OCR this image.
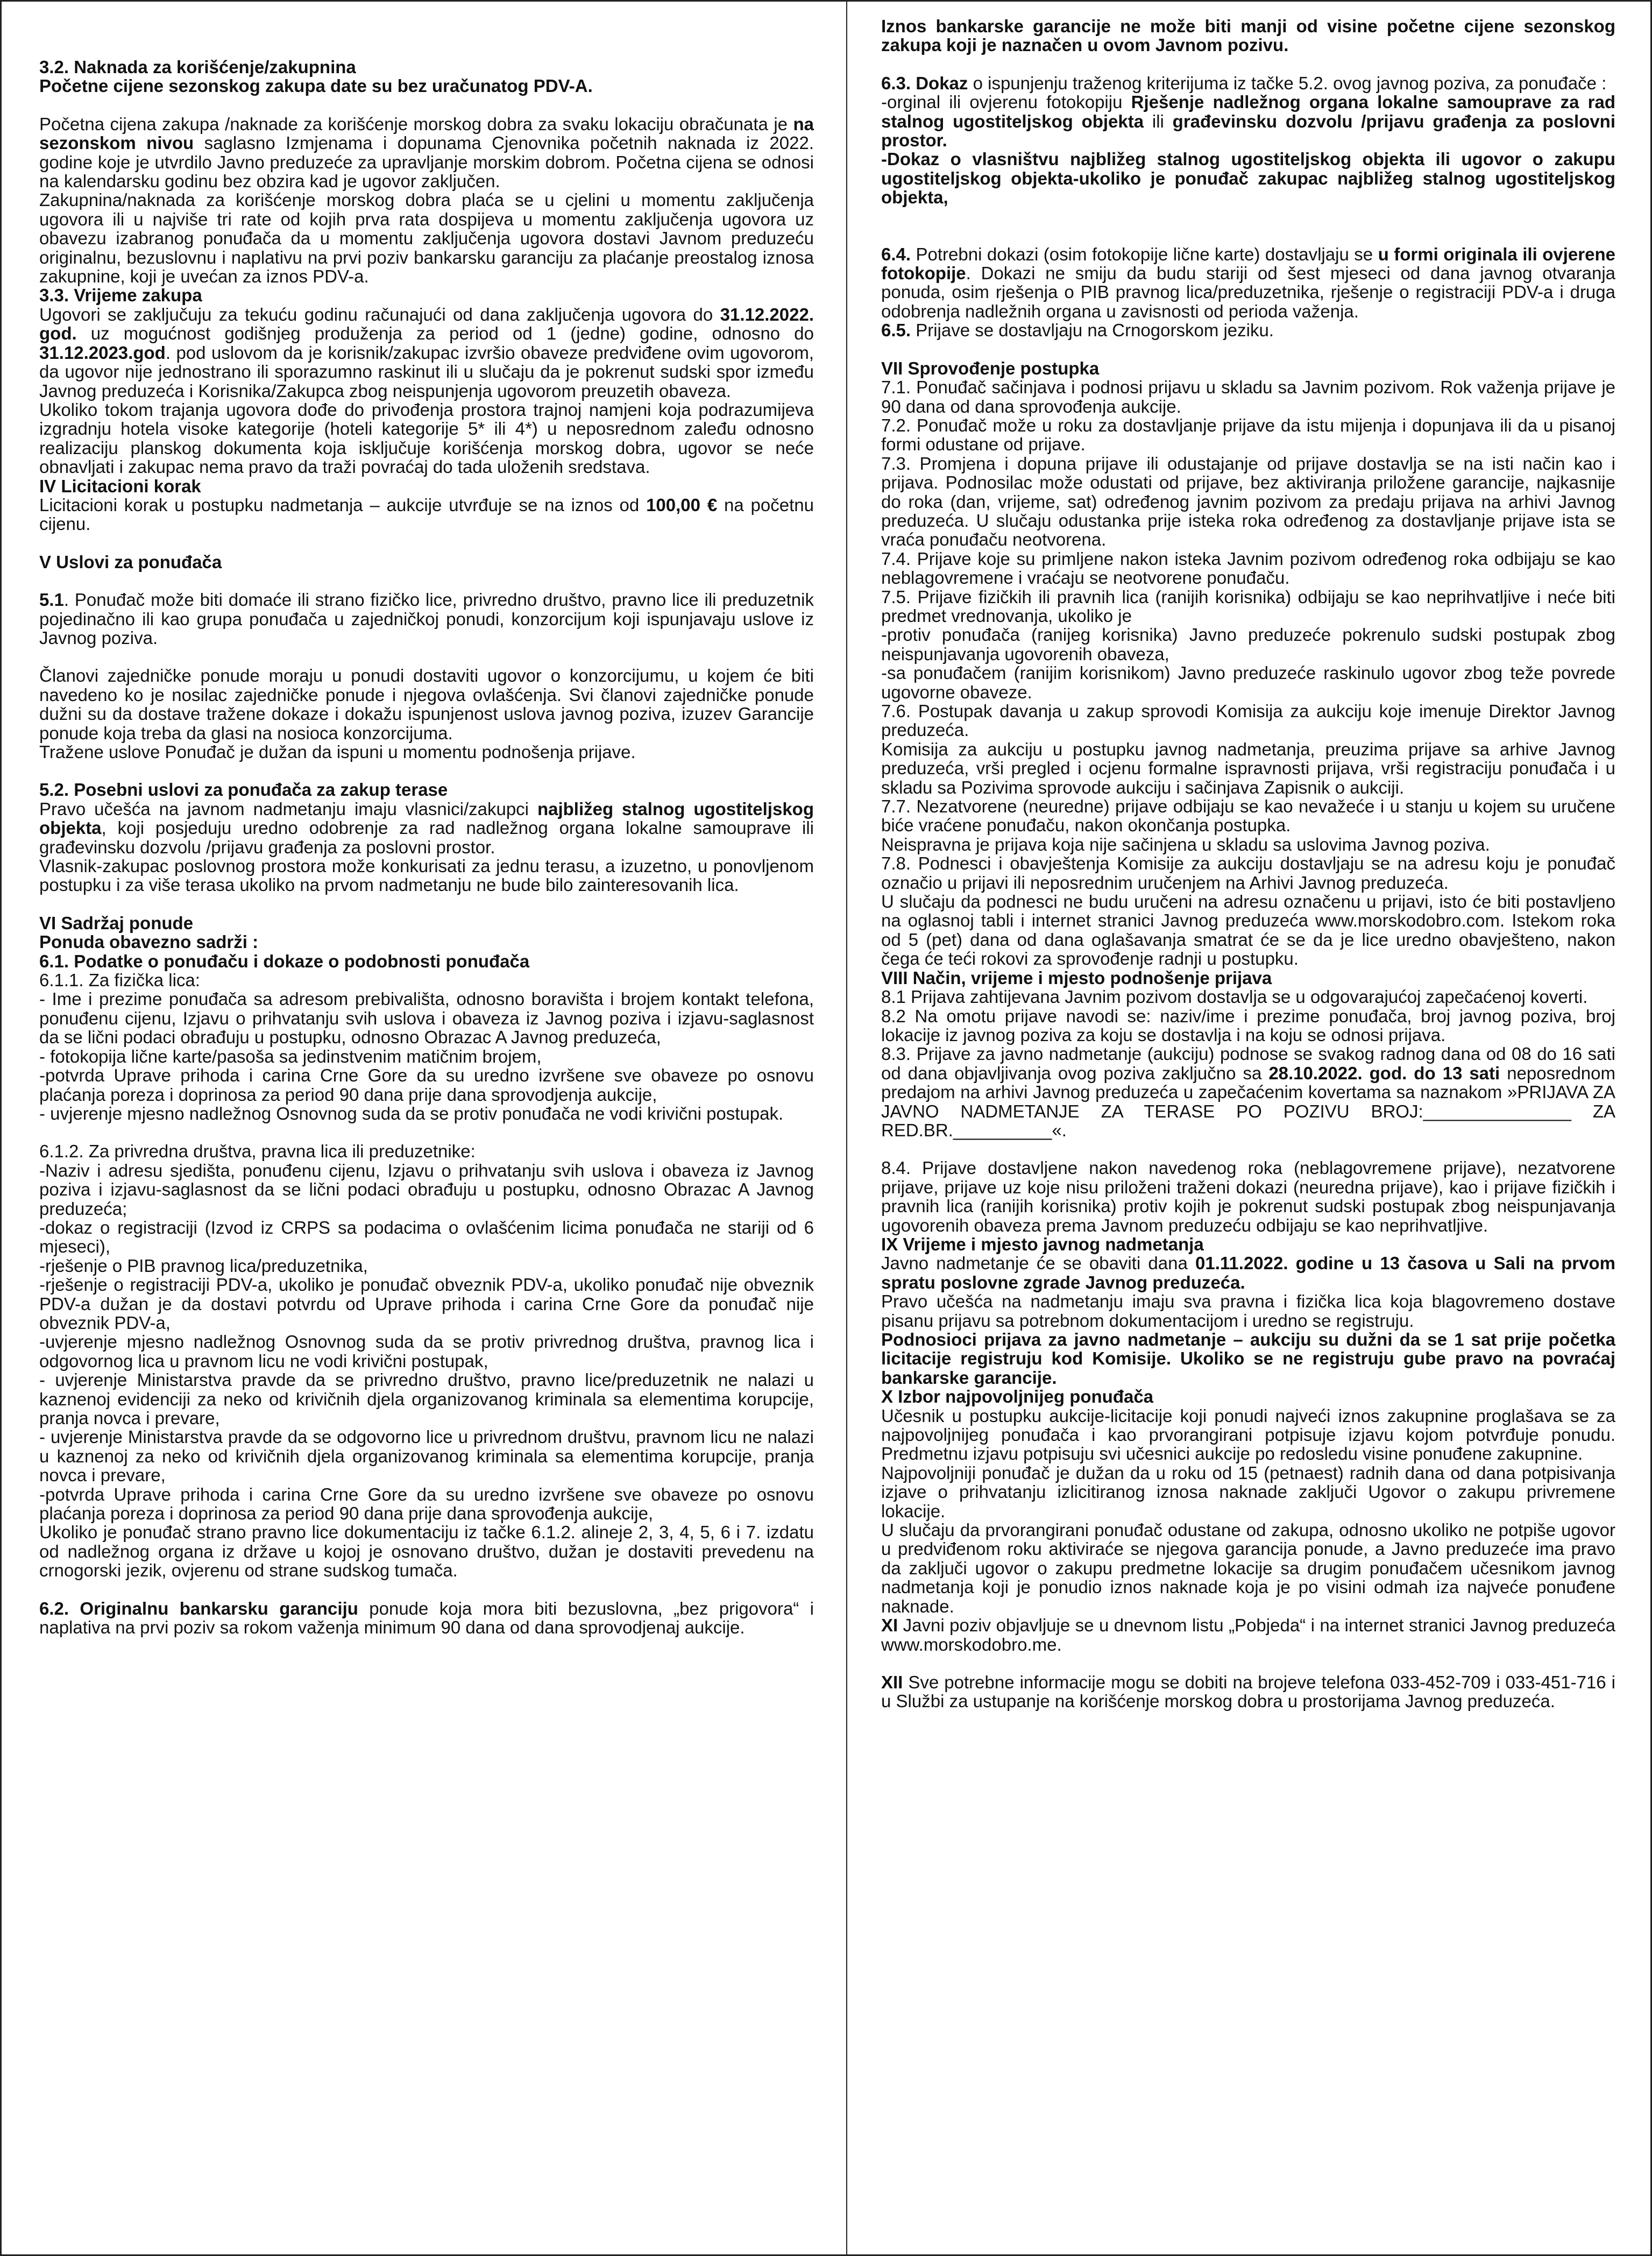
3.2. Naknada za korišćenje/zakupnina

Početne cijene sezonskog zakupa date su bez uračunatog PDV-A.

Početna cijena zakupa /naknade za korišćenje morskog dobra za svaku lokaciju obračunata je na sezonskom nivou saglasno Izmjenama i dopunama Cjenovnika početnih naknada iz 2022. godine koje je utvrdilo Javno preduzeće za upravljanje morskim dobrom. Početna cijena se odnosi na kalendarsku godinu bez obzira kad je ugovor zaključen.

Zakupnina/naknada za korišćenje morskog dobra plaća se u cjelini u momentu zaključenja ugovora ili u najviše tri rate od kojih prva rata dospijeva u momentu zaključenja ugovora uz obavezu izabranog ponuđača da u momentu zaključenja ugovora dostavi Javnom preduzeću originalnu, bezuslovnu i naplativu na prvi poziv bankarsku garanciju za plaćanje preostalog iznosa zakupnine, koji je uvećan za iznos PDV-a.

3.3. Vrijeme zakupa

Ugovori se zaključuju za tekuću godinu računajući od dana zaključenja ugovora do 31.12.2022. god. uz mogućnost godišnjeg produženja za period od 1 (jedne) godine, odnosno do 31.12.2023.god. pod uslovom da je korisnik/zakupac izvršio obaveze predviđene ovim ugovorom, da ugovor nije jednostrano ili sporazumno raskinut ili u slučaju da je pokrenut sudski spor između Javnog preduzeća i Korisnika/Zakupca zbog neispunjenja ugovorom preuzetih obaveza.

Ukoliko tokom trajanja ugovora dođe do privođenja prostora trajnoj namjeni koja podrazumijeva izgradnju hotela visoke kategorije (hoteli kategorije 5* ili 4*) u neposrednom zaleđu odnosno realizaciju planskog dokumenta koja isključuje korišćenja morskog dobra, ugovor se neće obnavljati i zakupac nema pravo da traži povraćaj do tada uloženih sredstava.

IV Licitacioni korak

Licitacioni korak u postupku nadmetanja – aukcije utvrđuje se na iznos od 100,00 € na početnu cijenu.

V Uslovi za ponuđača

5.1. Ponuđač može biti domaće ili strano fizičko lice, privredno društvo, pravno lice ili preduzetnik pojedinačno ili kao grupa ponuđača u zajedničkoj ponudi, konzorcijum koji ispunjavaju uslove iz Javnog poziva.

Članovi zajedničke ponude moraju u ponudi dostaviti ugovor o konzorcijumu, u kojem će biti navedeno ko je nosilac zajedničke ponude i njegova ovlašćenja. Svi članovi zajedničke ponude dužni su da dostave tražene dokaze i dokažu ispunjenost uslova javnog poziva, izuzev Garancije ponude koja treba da glasi na nosioca konzorcijuma.

Tražene uslove Ponuđač je dužan da ispuni u momentu podnošenja prijave.

5.2. Posebni uslovi za ponuđača za zakup terase

Pravo učešća na javnom nadmetanju imaju vlasnici/zakupci najbližeg stalnog ugostiteljskog objekta, koji posjeduju uredno odobrenje za rad nadležnog organa lokalne samouprave ili građevinsku dozvolu /prijavu građenja za poslovni prostor.

Vlasnik-zakupac poslovnog prostora može konkurisati za jednu terasu, a izuzetno, u ponovljenom postupku i za više terasa ukoliko na prvom nadmetanju ne bude bilo zainteresovanih lica.

VI Sadržaj ponude

Ponuda obavezno sadrži :

6.1. Podatke o ponuđaču i dokaze o podobnosti ponuđača

6.1.1. Za fizička lica:

- Ime i prezime ponuđača sa adresom prebivališta, odnosno boravišta i brojem kontakt telefona, ponuđenu cijenu, Izjavu o prihvatanju svih uslova i obaveza iz Javnog poziva i izjavu-saglasnost da se lični podaci obrađuju u postupku, odnosno Obrazac A Javnog preduzeća,

- fotokopija lične karte/pasoša sa jedinstvenim matičnim brojem,

-potvrda Uprave prihoda i carina Crne Gore da su uredno izvršene sve obaveze po osnovu plaćanja poreza i doprinosa za period 90 dana prije dana sprovodjenja aukcije,

- uvjerenje mjesno nadležnog Osnovnog suda da se protiv ponuđača ne vodi krivični postupak.

6.1.2. Za privredna društva, pravna lica ili preduzetnike:

-Naziv i adresu sjedišta, ponuđenu cijenu, Izjavu o prihvatanju svih uslova i obaveza iz Javnog poziva i izjavu-saglasnost da se lični podaci obrađuju u postupku, odnosno Obrazac A Javnog preduzeća;

-dokaz o registraciji (Izvod iz CRPS sa podacima o ovlašćenim licima ponuđača ne stariji od 6 mjeseci),

-rješenje o PIB pravnog lica/preduzetnika,

-rješenje o registraciji PDV-a, ukoliko je ponuđač obveznik PDV-a, ukoliko ponuđač nije obveznik PDV-a dužan je da dostavi potvrdu od Uprave prihoda i carina Crne Gore da ponuđač nije obveznik PDV-a,

-uvjerenje mjesno nadležnog Osnovnog suda da se protiv privrednog društva, pravnog lica i odgovornog lica u pravnom licu ne vodi krivični postupak,

- uvjerenje Ministarstva pravde da se privredno društvo, pravno lice/preduzetnik ne nalazi u kaznenoj evidenciji za neko od krivičnih djela organizovanog kriminala sa elementima korupcije, pranja novca i prevare,

- uvjerenje Ministarstva pravde da se odgovorno lice u privrednom društvu, pravnom licu ne nalazi u kaznenoj za neko od krivičnih djela organizovanog kriminala sa elementima korupcije, pranja novca i prevare,

-potvrda Uprave prihoda i carina Crne Gore da su uredno izvršene sve obaveze po osnovu plaćanja poreza i doprinosa za period 90 dana prije dana sprovođenja aukcije,

Ukoliko je ponuđač strano pravno lice dokumentaciju iz tačke 6.1.2. alineje 2, 3, 4, 5, 6 i 7. izdatu od nadležnog organa iz države u kojoj je osnovano društvo, dužan je dostaviti prevedenu na crnogorski jezik, ovjerenu od strane sudskog tumača.

6.2. Originalnu bankarsku garanciju ponude koja mora biti bezuslovna, „bez prigovora“ i naplativa na prvi poziv sa rokom važenja minimum 90 dana od dana sprovodjenaj aukcije.

Iznos bankarske garancije ne može biti manji od visine početne cijene sezonskog zakupa koji je naznačen u ovom Javnom pozivu.

6.3. Dokaz o ispunjenju traženog kriterijuma iz tačke 5.2. ovog javnog poziva, za ponuđače :

-orginal ili ovjerenu fotokopiju Rješenje nadležnog organa lokalne samouprave za rad stalnog ugostiteljskog objekta ili građevinsku dozvolu /prijavu građenja za poslovni prostor.

-Dokaz o vlasništvu najbližeg stalnog ugostiteljskog objekta ili ugovor o zakupu ugostiteljskog objekta-ukoliko je ponuđač zakupac najbližeg stalnog ugostiteljskog objekta,

6.4. Potrebni dokazi (osim fotokopije lične karte) dostavljaju se u formi originala ili ovjerene fotokopije. Dokazi ne smiju da budu stariji od šest mjeseci od dana javnog otvaranja ponuda, osim rješenja o PIB pravnog lica/preduzetnika, rješenje o registraciji PDV-a i druga odobrenja nadležnih organa u zavisnosti od perioda važenja.

6.5. Prijave se dostavljaju na Crnogorskom jeziku.

VII Sprovođenje postupka

7.1. Ponuđač sačinjava i podnosi prijavu u skladu sa Javnim pozivom. Rok važenja prijave je 90 dana od dana sprovođenja aukcije.

7.2. Ponuđač može u roku za dostavljanje prijave da istu mijenja i dopunjava ili da u pisanoj formi odustane od prijave.

7.3. Promjena i dopuna prijave ili odustajanje od prijave dostavlja se na isti način kao i prijava. Podnosilac može odustati od prijave, bez aktiviranja priložene garancije, najkasnije do roka (dan, vrijeme, sat) određenog javnim pozivom za predaju prijava na arhivi Javnog preduzeća. U slučaju odustanka prije isteka roka određenog za dostavljanje prijave ista se vraća ponuđaču neotvorena.

7.4. Prijave koje su primljene nakon isteka Javnim pozivom određenog roka odbijaju se kao neblagovremene i vraćaju se neotvorene ponuđaču.

7.5. Prijave fizičkih ili pravnih lica (ranijih korisnika) odbijaju se kao neprihvatljive i neće biti predmet vrednovanja, ukoliko je

-protiv ponuđača (ranijeg korisnika) Javno preduzeće pokrenulo sudski postupak zbog neispunjavanja ugovorenih obaveza,

-sa ponuđačem (ranijim korisnikom) Javno preduzeće raskinulo ugovor zbog teže povrede ugovorne obaveze.

7.6. Postupak davanja u zakup sprovodi Komisija za aukciju koje imenuje Direktor Javnog preduzeća.

Komisija za aukciju u postupku javnog nadmetanja, preuzima prijave sa arhive Javnog preduzeća, vrši pregled i ocjenu formalne ispravnosti prijava, vrši registraciju ponuđača i u skladu sa Pozivima sprovode aukciju i sačinjava Zapisnik o aukciji.

7.7. Nezatvorene (neuredne) prijave odbijaju se kao nevažeće i u stanju u kojem su uručene biće vraćene ponuđaču, nakon okončanja postupka.

Neispravna je prijava koja nije sačinjena u skladu sa uslovima Javnog poziva.

7.8. Podnesci i obavještenja Komisije za aukciju dostavljaju se na adresu koju je ponuđač označio u prijavi ili neposrednim uručenjem na Arhivi Javnog preduzeća.

U slučaju da podnesci ne budu uručeni na adresu označenu u prijavi, isto će biti postavljeno na oglasnoj tabli i internet stranici Javnog preduzeća www.morskodobro.com. Istekom roka od 5 (pet) dana od dana oglašavanja smatrat će se da je lice uredno obavješteno, nakon čega će teći rokovi za sprovođenje radnji u postupku.

VIII Način, vrijeme i mjesto podnošenje prijava

8.1 Prijava zahtijevana Javnim pozivom dostavlja se u odgovarajućoj zapečaćenoj koverti.

8.2 Na omotu prijave navodi se: naziv/ime i prezime ponuđača, broj javnog poziva, broj lokacije iz javnog poziva za koju se dostavlja i na koju se odnosi prijava.

8.3. Prijave za javno nadmetanje (aukciju) podnose se svakog radnog dana od 08 do 16 sati od dana objavljivanja ovog poziva zaključno sa 28.10.2022. god. do 13 sati neposrednom predajom na arhivi Javnog preduzeća u zapečaćenim kovertama sa naznakom »PRIJAVA ZA JAVNO NADMETANJE ZA TERASE PO POZIVU BROJ:_______________ ZA RED.BR.__________«.

8.4. Prijave dostavljene nakon navedenog roka (neblagovremene prijave), nezatvorene prijave, prijave uz koje nisu priloženi traženi dokazi (neuredna prijave), kao i prijave fizičkih i pravnih lica (ranijih korisnika) protiv kojih je pokrenut sudski postupak zbog neispunjavanja ugovorenih obaveza prema Javnom preduzeću odbijaju se kao neprihvatljive.

IX Vrijeme i mjesto javnog nadmetanja

Javno nadmetanje će se obaviti dana 01.11.2022. godine u 13 časova u Sali na prvom spratu poslovne zgrade Javnog preduzeća.

Pravo učešća na nadmetanju imaju sva pravna i fizička lica koja blagovremeno dostave pisanu prijavu sa potrebnom dokumentacijom i uredno se registruju.

Podnosioci prijava za javno nadmetanje – aukciju su dužni da se 1 sat prije početka licitacije registruju kod Komisije. Ukoliko se ne registruju gube pravo na povraćaj bankarske garancije.

X Izbor najpovoljnijeg ponuđača

Učesnik u postupku aukcije-licitacije koji ponudi najveći iznos zakupnine proglašava se za najpovoljnijeg ponuđača i kao prvorangirani potpisuje izjavu kojom potvrđuje ponudu. Predmetnu izjavu potpisuju svi učesnici aukcije po redosledu visine ponuđene zakupnine.

Najpovoljniji ponuđač je dužan da u roku od 15 (petnaest) radnih dana od dana potpisivanja izjave o prihvatanju izlicitiranog iznosa naknade zaključi Ugovor o zakupu privremene lokacije.

U slučaju da prvorangirani ponuđač odustane od zakupa, odnosno ukoliko ne potpiše ugovor u predviđenom roku aktiviraće se njegova garancija ponude, a Javno preduzeće ima pravo da zaključi ugovor o zakupu predmetne lokacije sa drugim ponuđačem učesnikom javnog nadmetanja koji je ponudio iznos naknade koja je po visini odmah iza najveće ponuđene naknade.

XI Javni poziv objavljuje se u dnevnom listu „Pobjeda“ i na internet stranici Javnog preduzeća www.morskodobro.me.

XII Sve potrebne informacije mogu se dobiti na brojeve telefona 033-452-709 i 033-451-716 i u Službi za ustupanje na korišćenje morskog dobra u prostorijama Javnog preduzeća.
